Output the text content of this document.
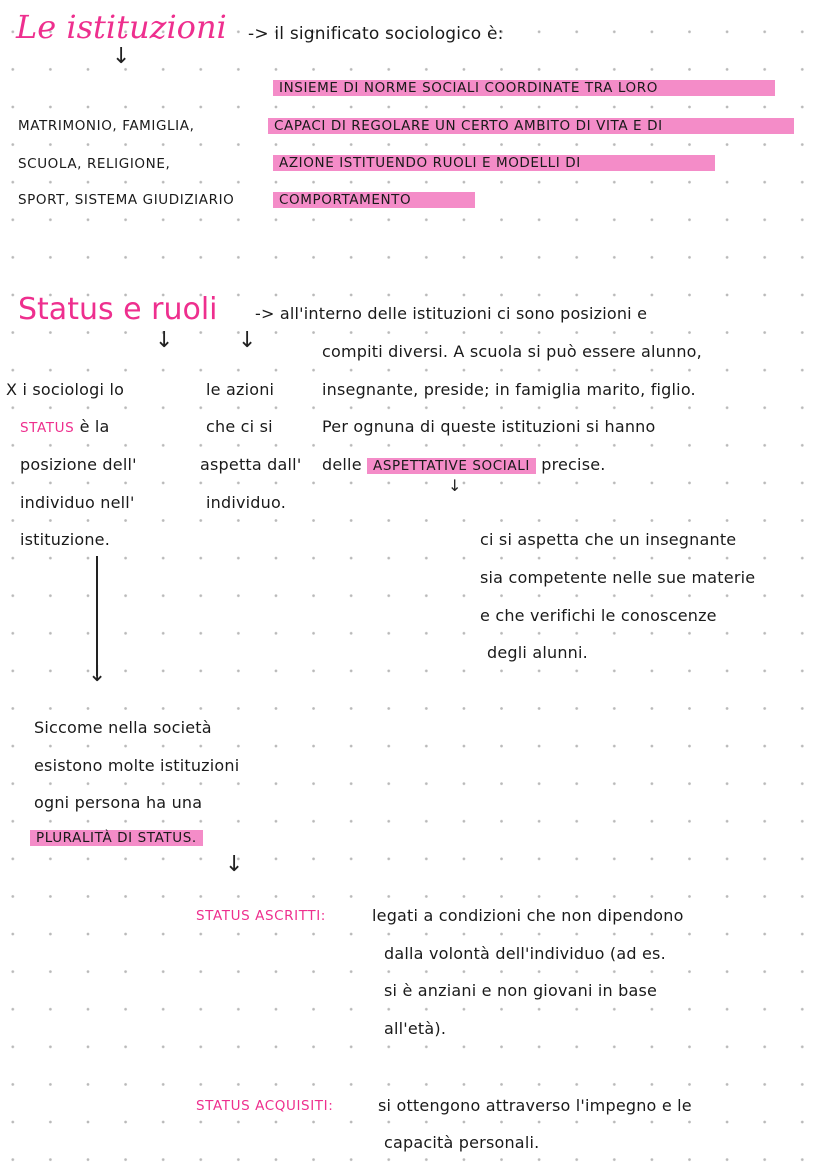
Le istituzioni -> il significato sociologico è:
↓
MATRIMONIO, FAMIGLIA,
SCUOLA, RELIGIONE,
SPORT, SISTEMA GIUDIZIARIO
INSIEME DI NORME SOCIALI COORDINATE TRA LORO
CAPACI DI REGOLARE UN CERTO AMBITO DI VITA E DI
AZIONE ISTITUENDO RUOLI E MODELLI DI
COMPORTAMENTO
Status e ruoli -> all'interno delle istituzioni ci sono posizioni e
compiti diversi. A scuola si può essere alunno,
insegnante, preside; in famiglia marito, figlio.
Per ognuna di queste istituzioni si hanno
delle ASPETTATIVE SOCIALI precise.
↓	↓
↓
X i sociologi lo
STATUS è la
posizione dell'
individuo nell'
istituzione.
le azioni
che ci si
aspetta dall'
individuo.
ci si aspetta che un insegnante
sia competente nelle sue materie
e che verifichi le conoscenze
degli alunni.
↓
Siccome nella società
esistono molte istituzioni
ogni persona ha una
PLURALITÀ DI STATUS.
↓
STATUS ASCRITTI:	legati a condizioni che non dipendono
dalla volontà dell'individuo (ad es.
si è anziani e non giovani in base
all'età).
STATUS ACQUISITI:	si ottengono attraverso l'impegno e le
capacità personali.
